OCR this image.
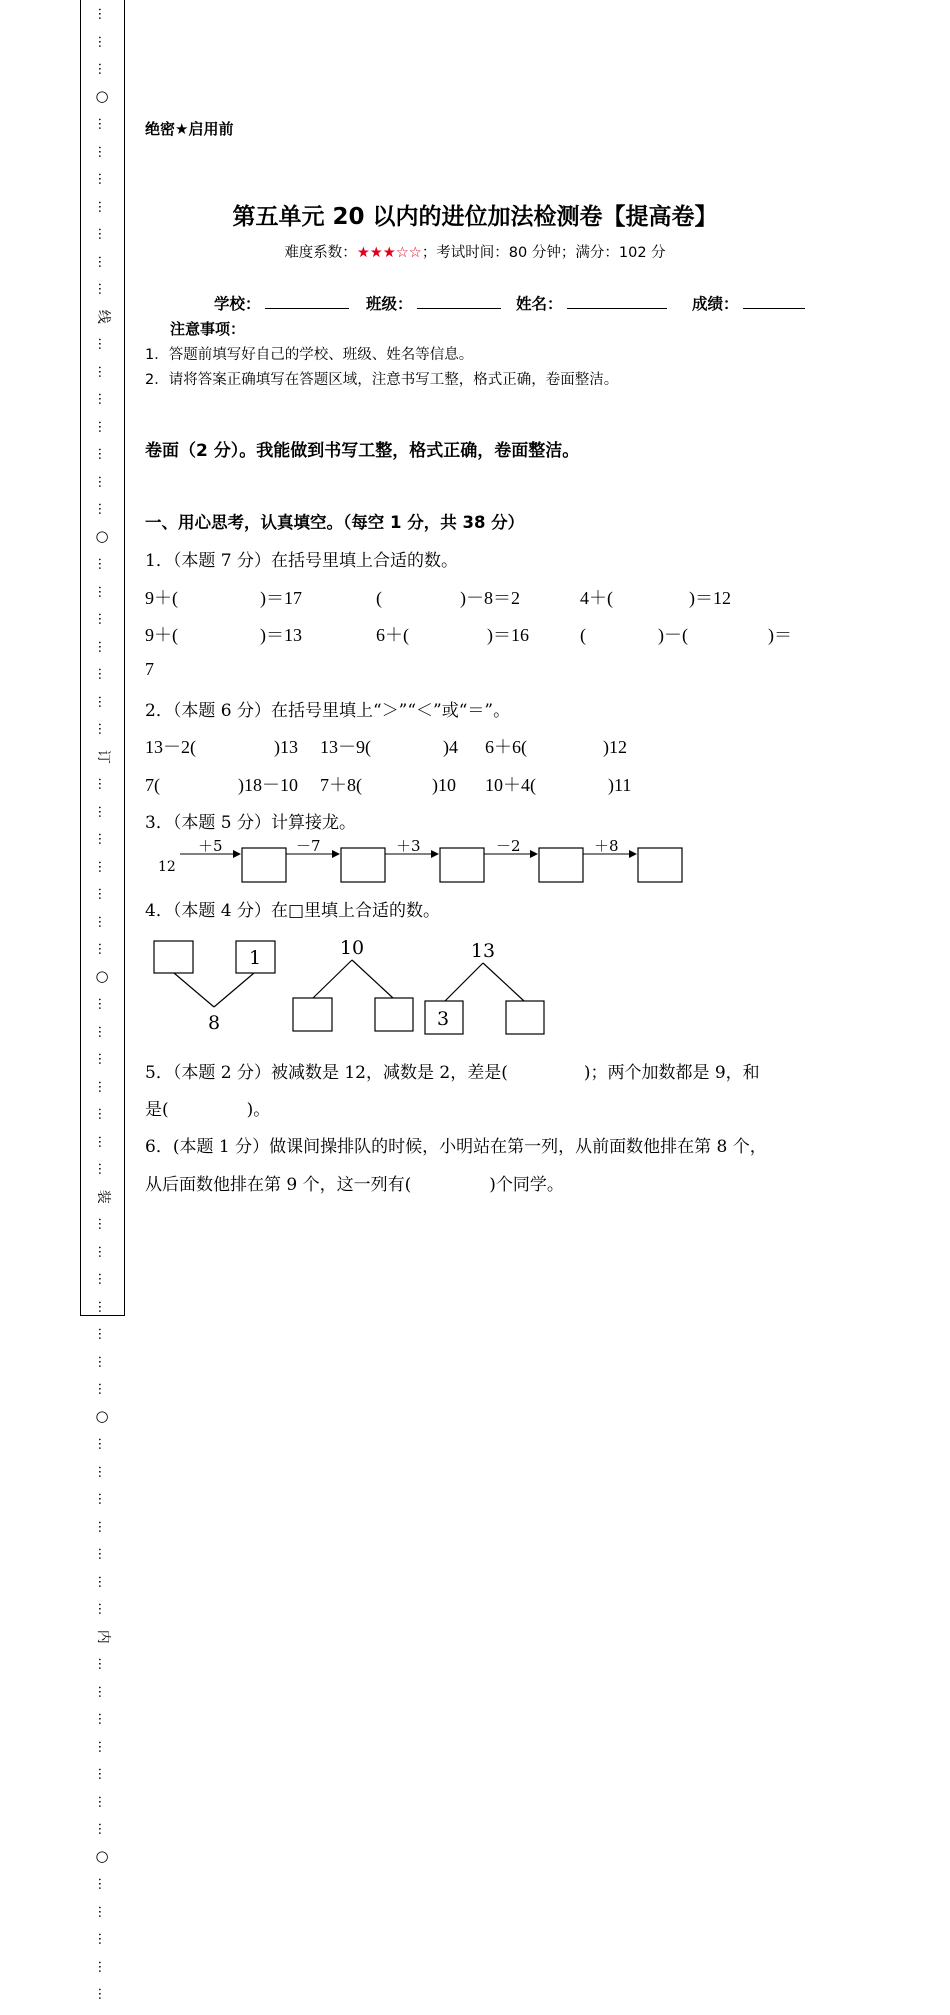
…
…
…
○
…
…
…
…
…
…
…
线
…
…
…
…
…
…
…
○
…
…
…
…
…
…
…
订
…
…
…
…
…
…
…
○
…
…
…
…
…
…
…
装
…
…
…
…
…
…
…
○
…
…
…
…
…
…
…
内
…
…
…
…
…
…
…
○
…
…
…
…
…
绝密★启用前
第五单元 20 以内的进位加法检测卷【提高卷】
难度系数：★★★☆☆；考试时间：80 分钟；满分：102 分
学校：	班级：	姓名：	成绩：
注意事项：
1．答题前填写好自己的学校、班级、姓名等信息。
2．请将答案正确填写在答题区域，注意书写工整，格式正确，卷面整洁。
卷面（2 分）。我能做到书写工整，格式正确，卷面整洁。
一、用心思考，认真填空。（每空 1 分，共 38 分）
1．（本题 7 分）在括号里填上合适的数。
9＋(	)＝17	(	)－8＝2	4＋(	)＝12
9＋(	)＝13	6＋(	)＝16	(	)－(	)＝
7
2．（本题 6 分）在括号里填上“＞”“＜”或“＝”。
13－2(	)13 13－9(	)4 6＋6(	)12
7(	)18－10 7＋8(	)10 10＋4(	)11
3．（本题 5 分）计算接龙。
12
＋5	－7	＋3	－2	＋8
4．（本题 4 分）在□里填上合适的数。
1
8
10	13
3
5．（本题 2 分）被减数是 12，减数是 2，差是(	)；两个加数都是 9，和
是(	)。
6．(本题 1 分）做课间操排队的时候，小明站在第一列，从前面数他排在第 8 个，
从后面数他排在第 9 个，这一列有(	)个同学。
